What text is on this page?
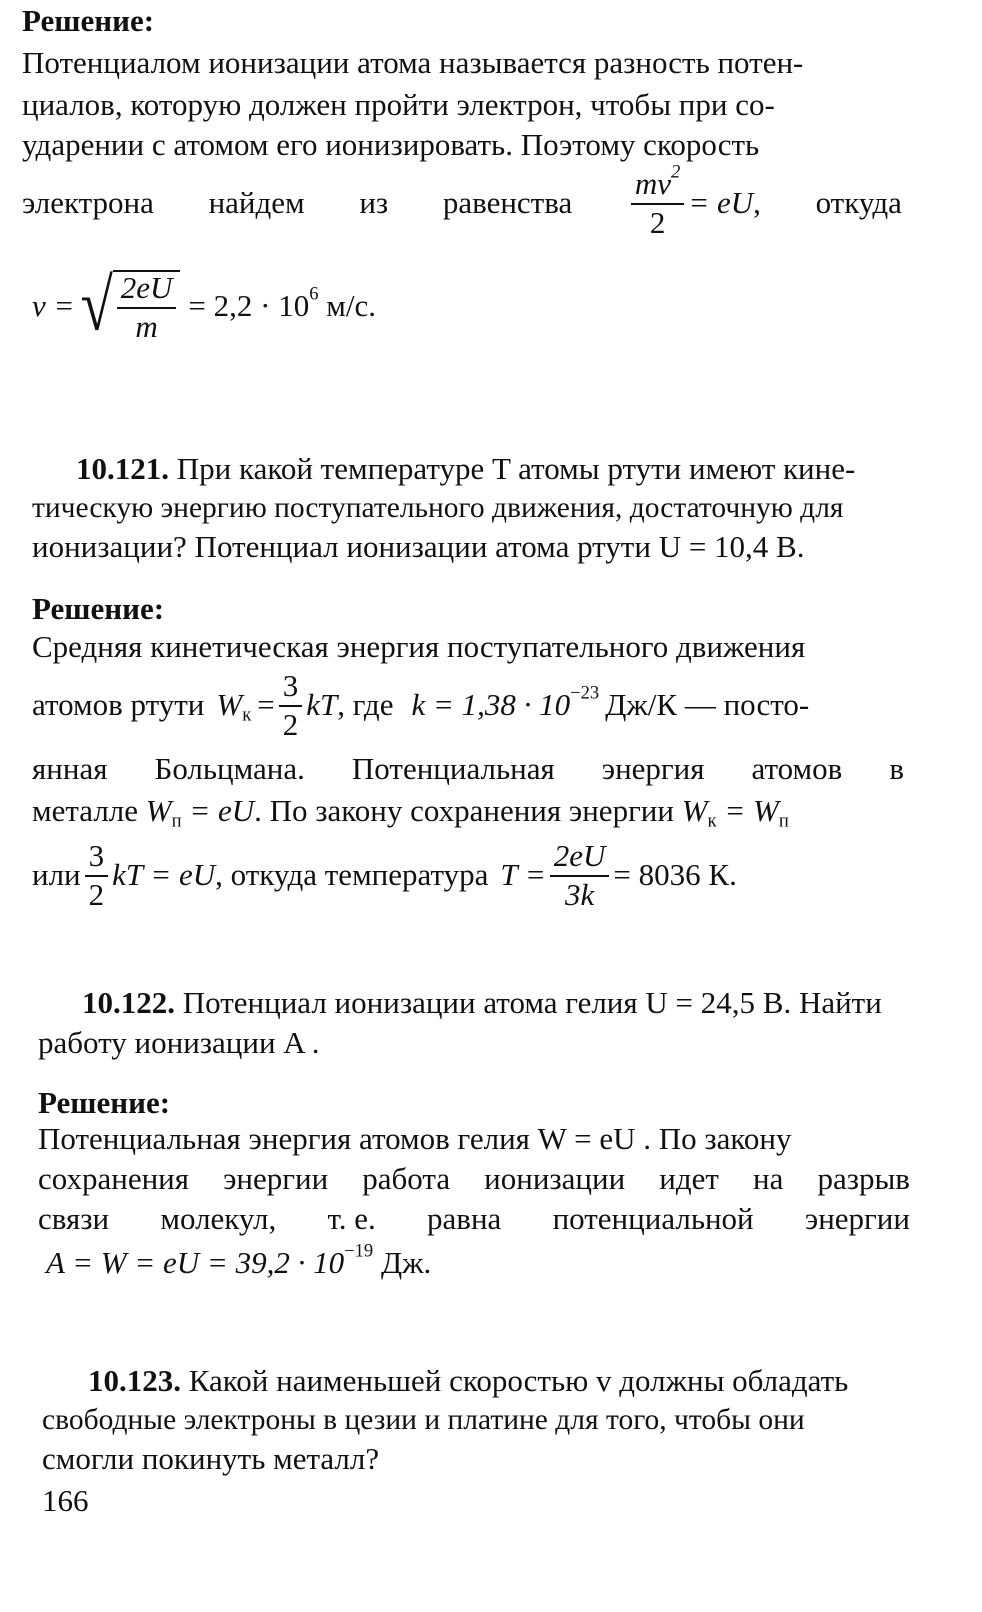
Решение:
Потенциалом ионизации атома называется разность потен-
циалов, которую должен пройти электрон, чтобы при со-
ударении с атомом его ионизировать. Поэтому скорость
электрона найдем из равенства $\frac{mv^2}{2}$ = eU , откуда
v = √ $\frac{2eU}{m} = 2,2 \cdot 10^6$ м/с.
10.121. При какой температуре T атомы ртути имеют кине-
тическую энергию поступательного движения, достаточную для
ионизации? Потенциал ионизации атома ртути U = 10,4 В.
Решение:
Средняя кинетическая энергия поступательного движения
атомов ртути $W_к = \frac{3}{2}$ kT , где $k = 1,38 \cdot 10^{-23}$ Дж/К — посто-
янная Больцмана. Потенциальная энергия атомов в
металле $W_п$ = eU. По закону сохранения энергии $W_к = W_п$
или $\frac{3}{2}$ kT = eU , откуда температура $T = \frac{2eU}{3k} = 8036$ К.
10.122. Потенциал ионизации атома гелия U = 24,5 В. Найти
работу ионизации A .
Решение:
Потенциальная энергия атомов гелия W = eU . По закону
сохранения энергии работа ионизации идет на разрыв
связи молекул, т. е. равна потенциальной энергии
A = W = eU = $39,2 \cdot 10^{-19}$ Дж.
10.123. Какой наименьшей скоростью v должны обладать
свободные электроны в цезии и платине для того, чтобы они
смогли покинуть металл?
166
